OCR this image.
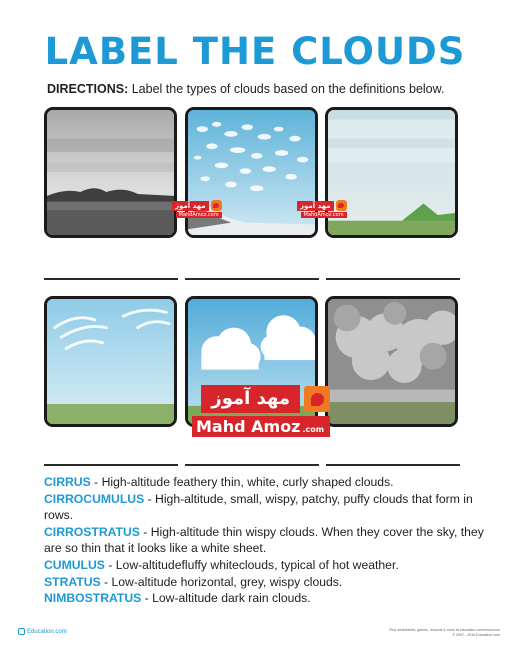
LABEL THE CLOUDS
DIRECTIONS: Label the types of clouds based on the definitions below.
مهد آموز
MahdAmoz.com
مهد آموز
MahdAmoz.com
مهد آموز
Mahd Amoz .com
CIRRUS - High-altitude feathery thin, white, curly shaped clouds.
CIRROCUMULUS - High-altitude, small, wispy, patchy, puffy clouds that form in rows.
CIRROSTRATUS - High-altitude thin wispy clouds. When they cover the sky, they are so thin that it looks like a white sheet.
CUMULUS - Low-altitudefluffy whiteclouds, typical of hot weather.
STRATUS - Low-altitude horizontal, grey, wispy clouds.
NIMBOSTRATUS - Low-altitude dark rain clouds.
Education.com	Find worksheets, games, lessons & more at education.com/resources
© 2007 - 2016 Education.com
